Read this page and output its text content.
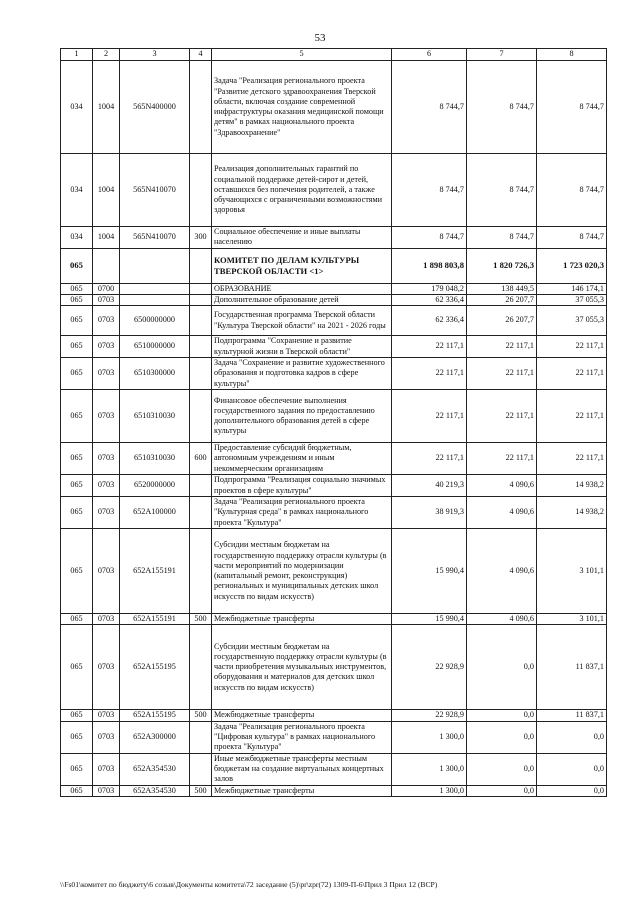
53
1	2	3	4	5	6	7	8
034	1004	565N400000		Задача "Реализация регионального проекта "Развитие детского здравоохранения Тверской области, включая создание современной инфраструктуры оказания медицинской помощи детям" в рамках национального проекта "Здравоохранение"	8 744,7	8 744,7	8 744,7
034	1004	565N410070		Реализация дополнительных гарантий по социальной поддержке детей-сирот и детей, оставшихся без попечения родителей, а также обучающихся с ограниченными возможностями здоровья	8 744,7	8 744,7	8 744,7
034	1004	565N410070	300	Социальное обеспечение и иные выплаты населению	8 744,7	8 744,7	8 744,7
065				КОМИТЕТ ПО ДЕЛАМ КУЛЬТУРЫ ТВЕРСКОЙ ОБЛАСТИ <1>	1 898 803,8	1 820 726,3	1 723 020,3
065	0700			ОБРАЗОВАНИЕ	179 048,2	138 449,5	146 174,1
065	0703			Дополнительное образование детей	62 336,4	26 207,7	37 055,3
065	0703	6500000000		Государственная программа Тверской области "Культура Тверской области" на 2021 - 2026 годы	62 336,4	26 207,7	37 055,3
065	0703	6510000000		Подпрограмма "Сохранение и развитие культурной жизни в Тверской области"	22 117,1	22 117,1	22 117,1
065	0703	6510300000		Задача "Сохранение и развитие художественного образования и подготовка кадров в сфере культуры"	22 117,1	22 117,1	22 117,1
065	0703	6510310030		Финансовое обеспечение выполнения государственного задания по предоставлению дополнительного образования детей в сфере культуры	22 117,1	22 117,1	22 117,1
065	0703	6510310030	600	Предоставление субсидий бюджетным, автономным учреждениям и иным некоммерческим организациям	22 117,1	22 117,1	22 117,1
065	0703	6520000000		Подпрограмма "Реализация социально значимых проектов в сфере культуры"	40 219,3	4 090,6	14 938,2
065	0703	652A100000		Задача "Реализация регионального проекта "Культурная среда" в рамках национального проекта "Культура"	38 919,3	4 090,6	14 938,2
065	0703	652A155191		Субсидии местным бюджетам на государственную поддержку отрасли культуры (в части мероприятий по модернизации (капитальный ремонт, реконструкция) региональных и муниципальных детских школ искусств по видам искусств)	15 990,4	4 090,6	3 101,1
065	0703	652A155191	500	Межбюджетные трансферты	15 990,4	4 090,6	3 101,1
065	0703	652A155195		Субсидии местным бюджетам на государственную поддержку отрасли культуры (в части приобретения музыкальных инструментов, оборудования и материалов для детских школ искусств по видам искусств)	22 928,9	0,0	11 837,1
065	0703	652A155195	500	Межбюджетные трансферты	22 928,9	0,0	11 837,1
065	0703	652A300000		Задача "Реализация регионального проекта "Цифровая культура" в рамках национального проекта "Культура"	1 300,0	0,0	0,0
065	0703	652A354530		Иные межбюджетные трансферты местным бюджетам на создание виртуальных концертных залов	1 300,0	0,0	0,0
065	0703	652A354530	500	Межбюджетные трансферты	1 300,0	0,0	0,0
\\Fs01\комитет по бюджету\6 созыв\Документы комитета\72 заседание (5)\pr\zpr(72) 1309-П-6\Прил 3 Прил 12 (ВСР)
